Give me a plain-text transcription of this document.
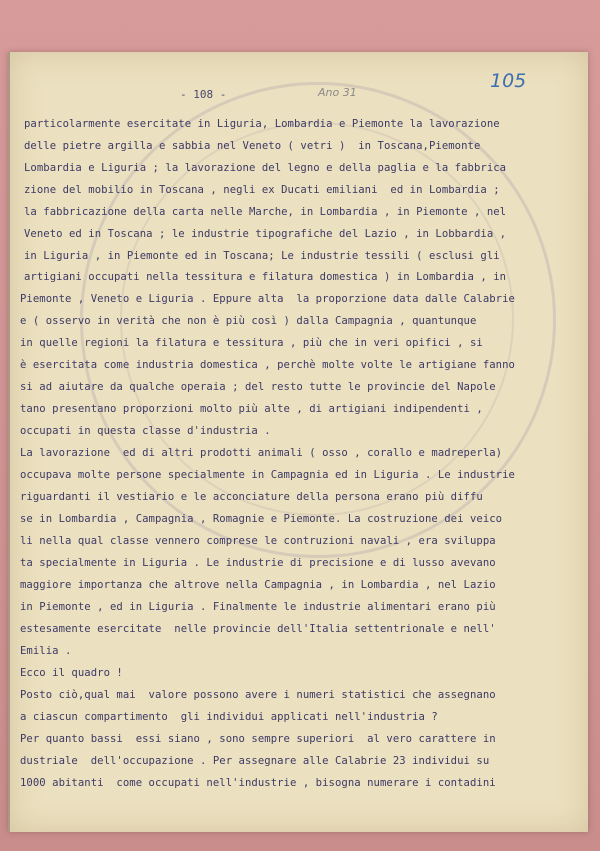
- 108 -	Ano 31
105
particolarmente esercitate in Liguria, Lombardia e Piemonte la lavorazione
delle pietre argilla e sabbia nel Veneto ( vetri )  in Toscana,Piemonte
Lombardia e Liguria ; la lavorazione del legno e della paglia e la fabbrica
zione del mobilio in Toscana , negli ex Ducati emiliani  ed in Lombardia ;
la fabbricazione della carta nelle Marche, in Lombardia , in Piemonte , nel
Veneto ed in Toscana ; le industrie tipografiche del Lazio , in Lobbardia ,
in Liguria , in Piemonte ed in Toscana; Le industrie tessili ( esclusi gli
artigiani occupati nella tessitura e filatura domestica ) in Lombardia , in
Piemonte , Veneto e Liguria . Eppure alta  la proporzione data dalle Calabrie
e ( osservo in verità che non è più così ) dalla Campagnia , quantunque
in quelle regioni la filatura e tessitura , più che in veri opifici , si
è esercitata come industria domestica , perchè molte volte le artigiane fanno
si ad aiutare da qualche operaia ; del resto tutte le provincie del Napole
tano presentano proporzioni molto più alte , di artigiani indipendenti ,
occupati in questa classe d'industria .
La lavorazione  ed di altri prodotti animali ( osso , corallo e madreperla)
occupava molte persone specialmente in Campagnia ed in Liguria . Le industrie
riguardanti il vestiario e le acconciature della persona erano più diffu
se in Lombardia , Campagnia , Romagnie e Piemonte. La costruzione dei veico
li nella qual classe vennero comprese le contruzioni navali , era sviluppa
ta specialmente in Liguria . Le industrie di precisione e di lusso avevano
maggiore importanza che altrove nella Campagnia , in Lombardia , nel Lazio
in Piemonte , ed in Liguria . Finalmente le industrie alimentari erano più
estesamente esercitate  nelle provincie dell'Italia settentrionale e nell'
Emilia .
Ecco il quadro !
Posto ciò,qual mai  valore possono avere i numeri statistici che assegnano
a ciascun compartimento  gli individui applicati nell'industria ?
Per quanto bassi  essi siano , sono sempre superiori  al vero carattere in
dustriale  dell'occupazione . Per assegnare alle Calabrie 23 individui su
1000 abitanti  come occupati nell'industrie , bisogna numerare i contadini
